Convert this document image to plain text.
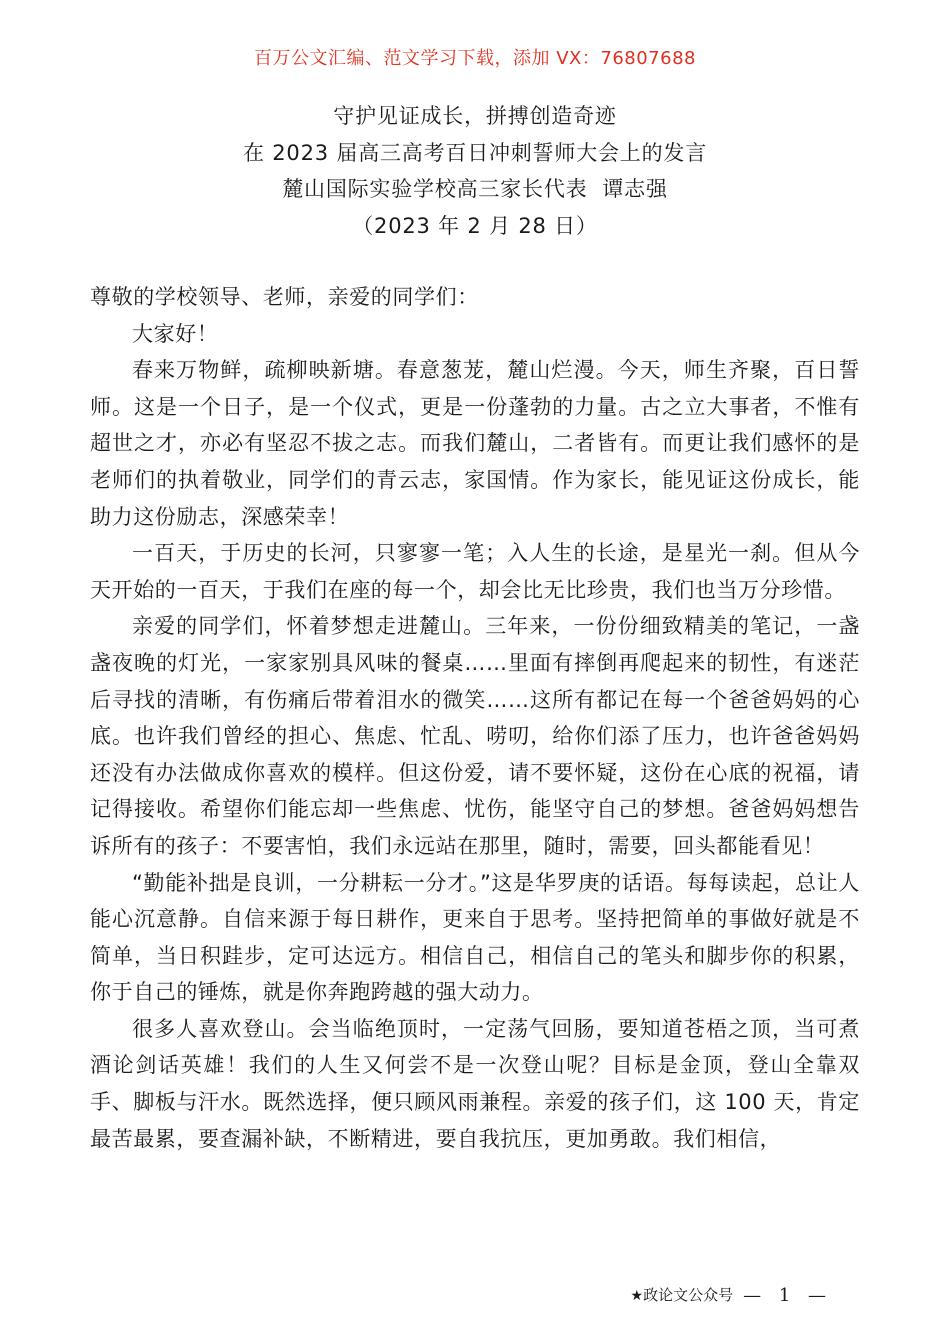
百万公文汇编、范文学习下载，添加 VX：76807688
守护见证成长，拼搏创造奇迹
在 2023 届高三高考百日冲刺誓师大会上的发言
麓山国际实验学校高三家长代表  谭志强
（2023 年 2 月 28 日）

尊敬的学校领导、老师，亲爱的同学们：

大家好！

春来万物鲜，疏柳映新塘。春意葱茏，麓山烂漫。今天，师生齐聚，百日誓师。这是一个日子，是一个仪式，更是一份蓬勃的力量。古之立大事者，不惟有超世之才，亦必有坚忍不拔之志。而我们麓山，二者皆有。而更让我们感怀的是老师们的执着敬业，同学们的青云志，家国情。作为家长，能见证这份成长，能助力这份励志，深感荣幸！

一百天，于历史的长河，只寥寥一笔；入人生的长途，是星光一刹。但从今天开始的一百天，于我们在座的每一个，却会比无比珍贵，我们也当万分珍惜。

亲爱的同学们，怀着梦想走进麓山。三年来，一份份细致精美的笔记，一盏盏夜晚的灯光，一家家别具风味的餐桌……里面有摔倒再爬起来的韧性，有迷茫后寻找的清晰，有伤痛后带着泪水的微笑……这所有都记在每一个爸爸妈妈的心底。也许我们曾经的担心、焦虑、忙乱、唠叨，给你们添了压力，也许爸爸妈妈还没有办法做成你喜欢的模样。但这份爱，请不要怀疑，这份在心底的祝福，请记得接收。希望你们能忘却一些焦虑、忧伤，能坚守自己的梦想。爸爸妈妈想告诉所有的孩子：不要害怕，我们永远站在那里，随时，需要，回头都能看见！

“勤能补拙是良训，一分耕耘一分才。”这是华罗庚的话语。每每读起，总让人能心沉意静。自信来源于每日耕作，更来自于思考。坚持把简单的事做好就是不简单，当日积跬步，定可达远方。相信自己，相信自己的笔头和脚步你的积累，你于自己的锤炼，就是你奔跑跨越的强大动力。

很多人喜欢登山。会当临绝顶时，一定荡气回肠，要知道苍梧之顶，当可煮酒论剑话英雄！我们的人生又何尝不是一次登山呢？目标是金顶，登山全靠双手、脚板与汗水。既然选择，便只顾风雨兼程。亲爱的孩子们，这 100 天，肯定最苦最累，要查漏补缺，不断精进，要自我抗压，更加勇敢。我们相信，

★政论文公众号 — 1 —
